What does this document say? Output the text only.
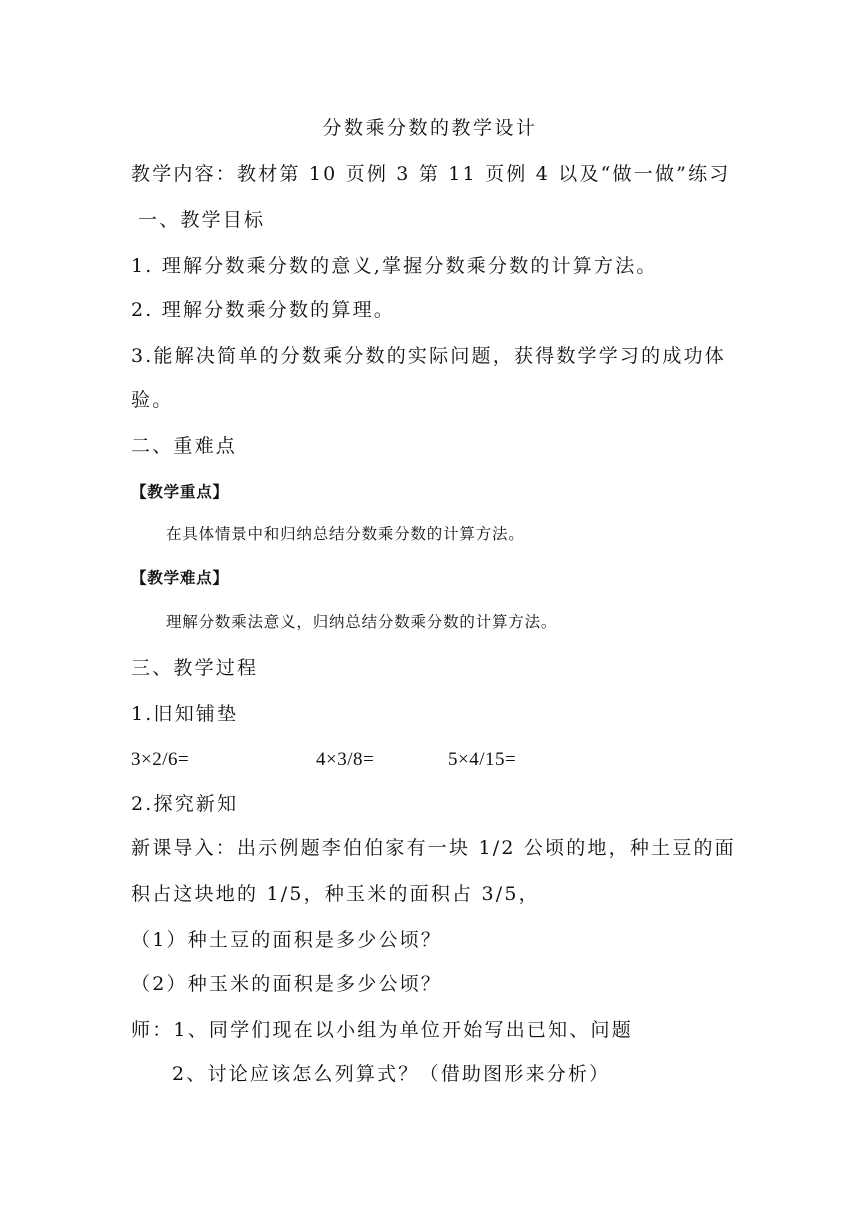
分数乘分数的教学设计
教学内容：教材第 10 页例 3 第 11 页例 4 以及“做一做”练习
一、教学目标
1. 理解分数乘分数的意义,掌握分数乘分数的计算方法。
2. 理解分数乘分数的算理。
3.能解决简单的分数乘分数的实际问题，获得数学学习的成功体
验。
二、重难点
【教学重点】
在具体情景中和归纳总结分数乘分数的计算方法。
【教学难点】
理解分数乘法意义，归纳总结分数乘分数的计算方法。
三、教学过程
1.旧知铺垫
3×2/6=	4×3/8=	5×4/15=
2.探究新知
新课导入：出示例题李伯伯家有一块 1/2 公顷的地，种土豆的面
积占这块地的 1/5，种玉米的面积占 3/5，
（1）种土豆的面积是多少公顷？
（2）种玉米的面积是多少公顷？
师：1、同学们现在以小组为单位开始写出已知、问题
2、讨论应该怎么列算式？（借助图形来分析）
